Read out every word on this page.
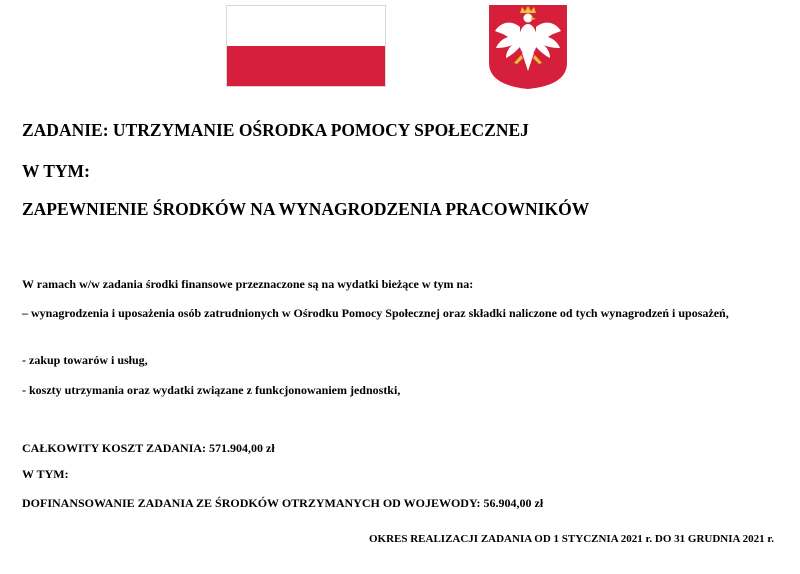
ZADANIE: UTRZYMANIE OŚRODKA POMOCY SPOŁECZNEJ
W TYM:
ZAPEWNIENIE ŚRODKÓW NA WYNAGRODZENIA PRACOWNIKÓW

W ramach w/w zadania środki finansowe przeznaczone są na wydatki bieżące w tym na:

– wynagrodzenia i uposażenia osób zatrudnionych w Ośrodku Pomocy Społecznej oraz składki naliczone od tych wynagrodzeń i uposażeń,

- zakup towarów i usług,

- koszty utrzymania oraz wydatki związane z funkcjonowaniem jednostki,

CAŁKOWITY KOSZT ZADANIA: 571.904,00 zł

W TYM:

DOFINANSOWANIE ZADANIA ZE ŚRODKÓW OTRZYMANYCH OD WOJEWODY: 56.904,00 zł

OKRES REALIZACJI ZADANIA OD 1 STYCZNIA 2021 r. DO 31 GRUDNIA 2021 r.
